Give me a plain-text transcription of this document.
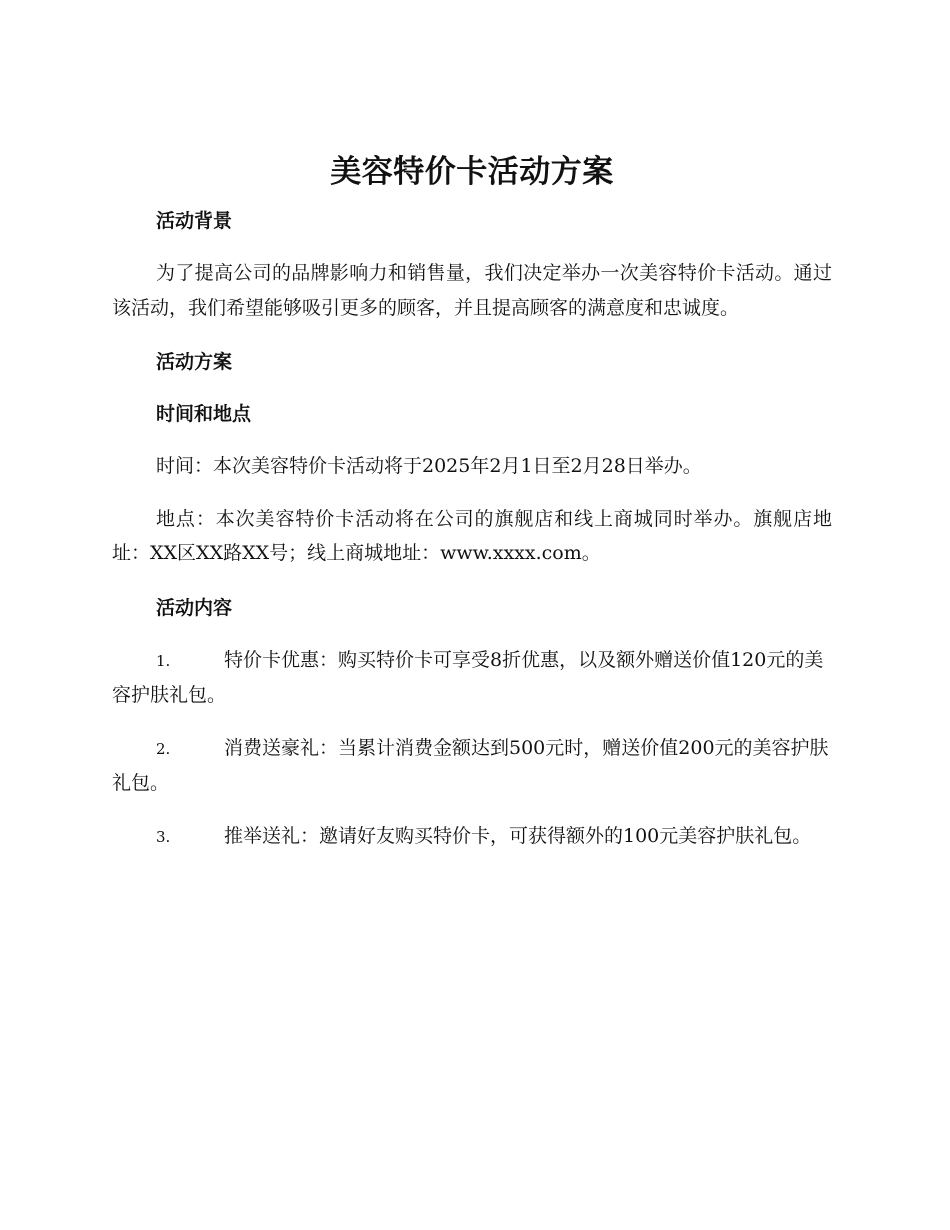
美容特价卡活动方案

活动背景

为了提高公司的品牌影响力和销售量，我们决定举办一次美容特价卡活动。通过该活动，我们希望能够吸引更多的顾客，并且提高顾客的满意度和忠诚度。

活动方案

时间和地点

时间：本次美容特价卡活动将于2025年2月1日至2月28日举办。

地点：本次美容特价卡活动将在公司的旗舰店和线上商城同时举办。旗舰店地址：XX区XX路XX号；线上商城地址：www.xxxx.com。

活动内容

1.	特价卡优惠：购买特价卡可享受8折优惠，以及额外赠送价值120元的美容护肤礼包。

2.	消费送豪礼：当累计消费金额达到500元时，赠送价值200元的美容护肤礼包。

3.	推举送礼：邀请好友购买特价卡，可获得额外的100元美容护肤礼包。
